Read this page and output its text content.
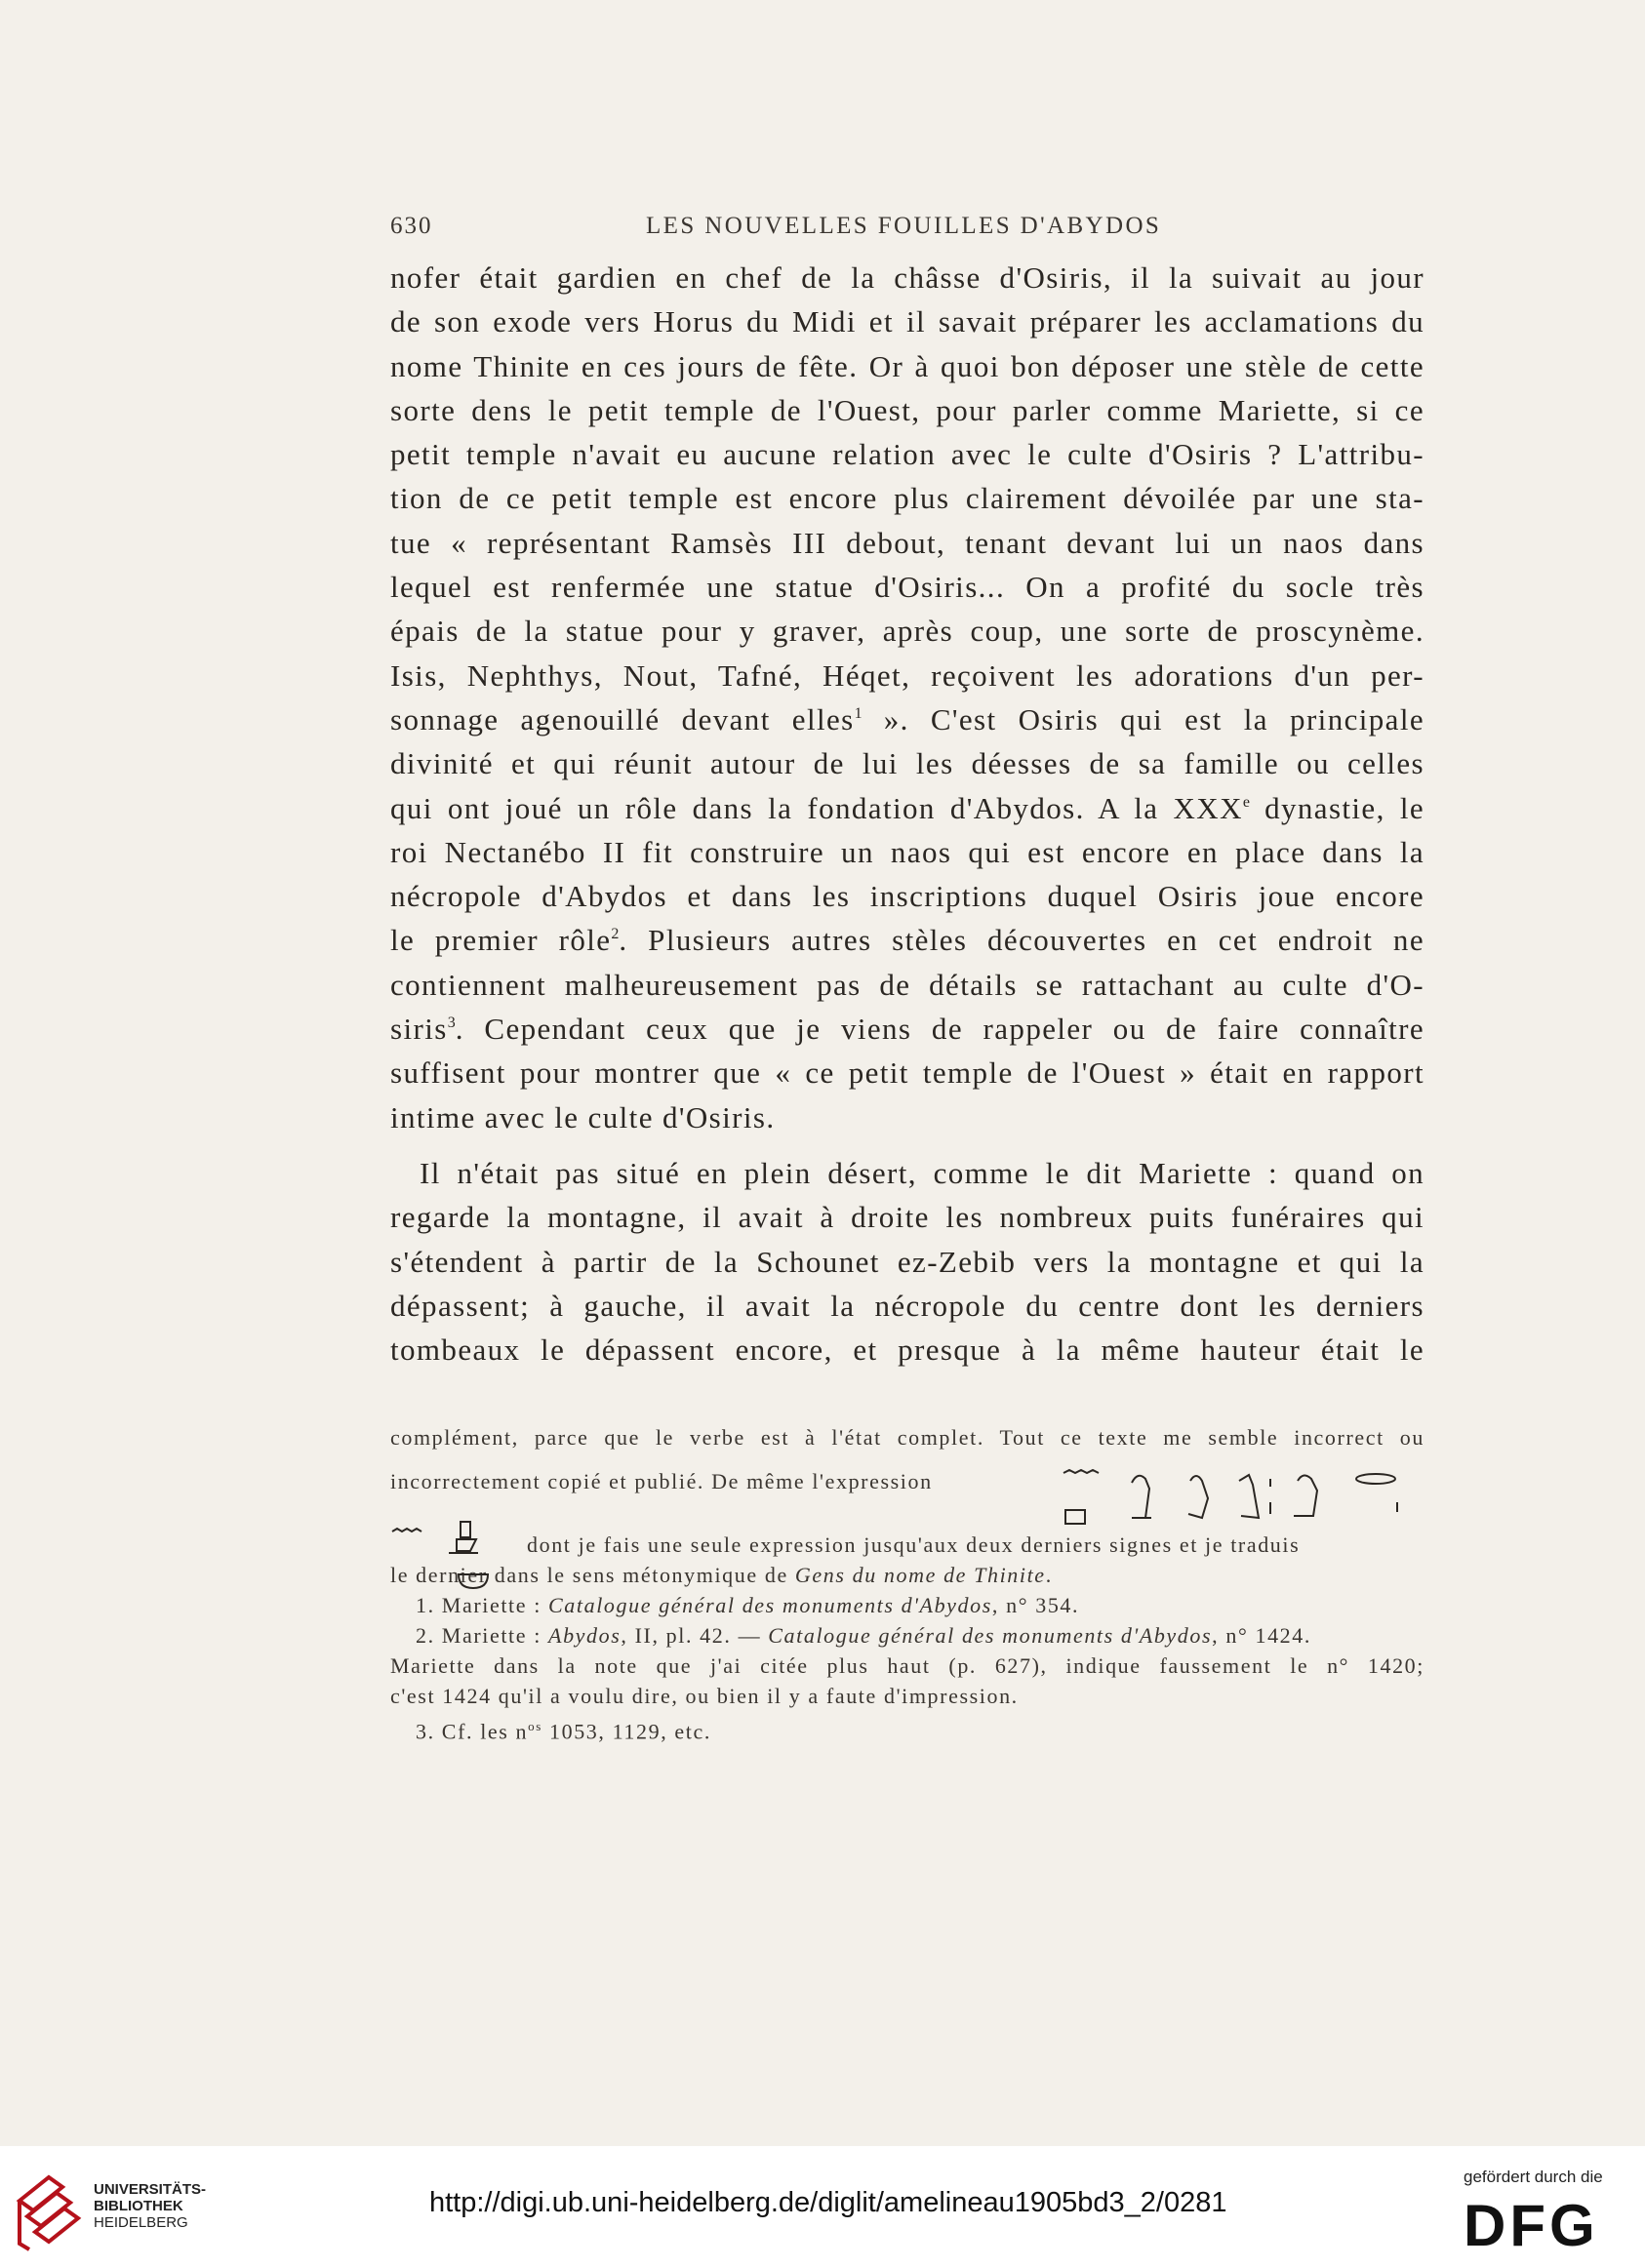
630	LES NOUVELLES FOUILLES D'ABYDOS
nofer était gardien en chef de la châsse d'Osiris, il la suivait au jour
de son exode vers Horus du Midi et il savait préparer les acclamations du
nome Thinite en ces jours de fête. Or à quoi bon déposer une stèle de cette
sorte dens le petit temple de l'Ouest, pour parler comme Mariette, si ce
petit temple n'avait eu aucune relation avec le culte d'Osiris ? L'attribu-
tion de ce petit temple est encore plus clairement dévoilée par une sta-
tue « représentant Ramsès III debout, tenant devant lui un naos dans
lequel est renfermée une statue d'Osiris... On a profité du socle très
épais de la statue pour y graver, après coup, une sorte de proscynème.
Isis, Nephthys, Nout, Tafné, Héqet, reçoivent les adorations d'un per-
sonnage agenouillé devant elles$^1$ ». C'est Osiris qui est la principale
divinité et qui réunit autour de lui les déesses de sa famille ou celles
qui ont joué un rôle dans la fondation d'Abydos. A la XXXe dynastie, le
roi Nectanébo II fit construire un naos qui est encore en place dans la
nécropole d'Abydos et dans les inscriptions duquel Osiris joue encore
le premier rôle$^2$. Plusieurs autres stèles découvertes en cet endroit ne
contiennent malheureusement pas de détails se rattachant au culte d'O-
siris$^3$. Cependant ceux que je viens de rappeler ou de faire connaître
suffisent pour montrer que « ce petit temple de l'Ouest » était en rapport
intime avec le culte d'Osiris.
Il n'était pas situé en plein désert, comme le dit Mariette : quand on
regarde la montagne, il avait à droite les nombreux puits funéraires qui
s'étendent à partir de la Schounet ez-Zebib vers la montagne et qui la
dépassent; à gauche, il avait la nécropole du centre dont les derniers
tombeaux le dépassent encore, et presque à la même hauteur était le
complément, parce que le verbe est à l'état complet. Tout ce texte me semble incorrect ou
incorrectement copié et publié. De même l'expression
dont je fais une seule expression jusqu'aux deux derniers signes et je traduis
le dernier dans le sens métonymique de Gens du nome de Thinite.
1. Mariette : Catalogue général des monuments d'Abydos, n° 354.
2. Mariette : Abydos, II, pl. 42. — Catalogue général des monuments d'Abydos, n° 1424.
Mariette dans la note que j'ai citée plus haut (p. 627), indique faussement le n° 1420;
c'est 1424 qu'il a voulu dire, ou bien il y a faute d'impression.
3. Cf. les $n^{os}$ 1053, 1129, etc.
UNIVERSITÄTS-
BIBLIOTHEK
HEIDELBERG
http://digi.ub.uni-heidelberg.de/diglit/amelineau1905bd3_2/0281
gefördert durch die
DFG
